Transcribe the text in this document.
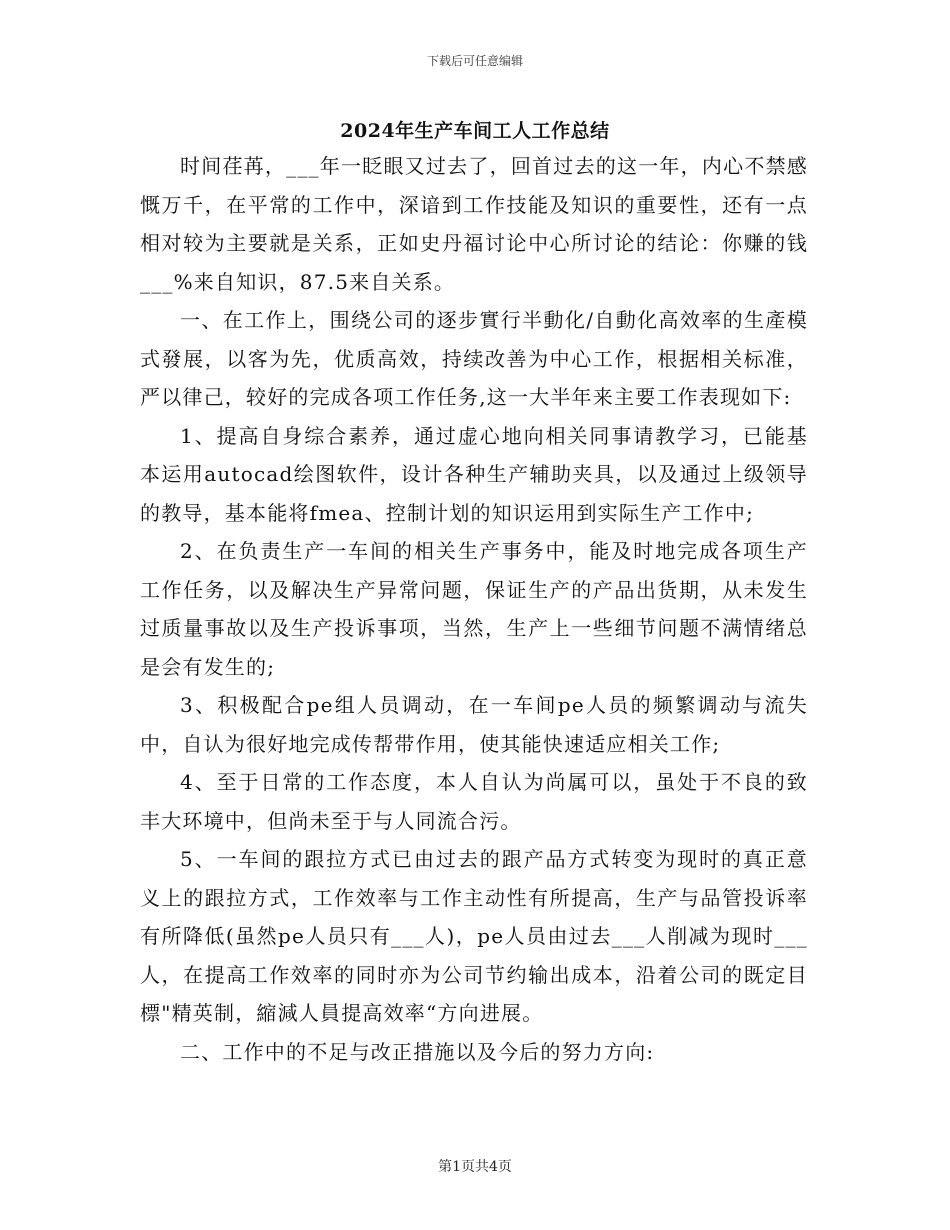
下载后可任意编辑
2024年生产车间工人工作总结

时间荏苒，___年一眨眼又过去了，回首过去的这一年，内心不禁感慨万千，在平常的工作中，深谙到工作技能及知识的重要性，还有一点相对较为主要就是关系，正如史丹福讨论中心所讨论的结论：你赚的钱___%来自知识，87.5来自关系。

一、在工作上，围绕公司的逐步實行半動化/自動化高效率的生產模式發展，以客为先，优质高效，持续改善为中心工作，根据相关标准，严以律己，较好的完成各项工作任务,这一大半年来主要工作表现如下:

1、提高自身综合素养，通过虚心地向相关同事请教学习，已能基本运用autocad绘图软件，设计各种生产辅助夹具，以及通过上级领导的教导，基本能将fmea、控制计划的知识运用到实际生产工作中;

2、在负责生产一车间的相关生产事务中，能及时地完成各项生产工作任务，以及解决生产异常问题，保证生产的产品出货期，从未发生过质量事故以及生产投诉事项，当然，生产上一些细节问题不满情绪总是会有发生的;

3、积极配合pe组人员调动，在一车间pe人员的频繁调动与流失中，自认为很好地完成传帮带作用，使其能快速适应相关工作;

4、至于日常的工作态度，本人自认为尚属可以，虽处于不良的致丰大环境中，但尚未至于与人同流合污。

5、一车间的跟拉方式已由过去的跟产品方式转变为现时的真正意义上的跟拉方式，工作效率与工作主动性有所提高，生产与品管投诉率有所降低(虽然pe人员只有___人)，pe人员由过去___人削减为现时___人，在提高工作效率的同时亦为公司节约输出成本，沿着公司的既定目標"精英制，縮減人員提高效率“方向进展。

二、工作中的不足与改正措施以及今后的努力方向:

第1页共4页
